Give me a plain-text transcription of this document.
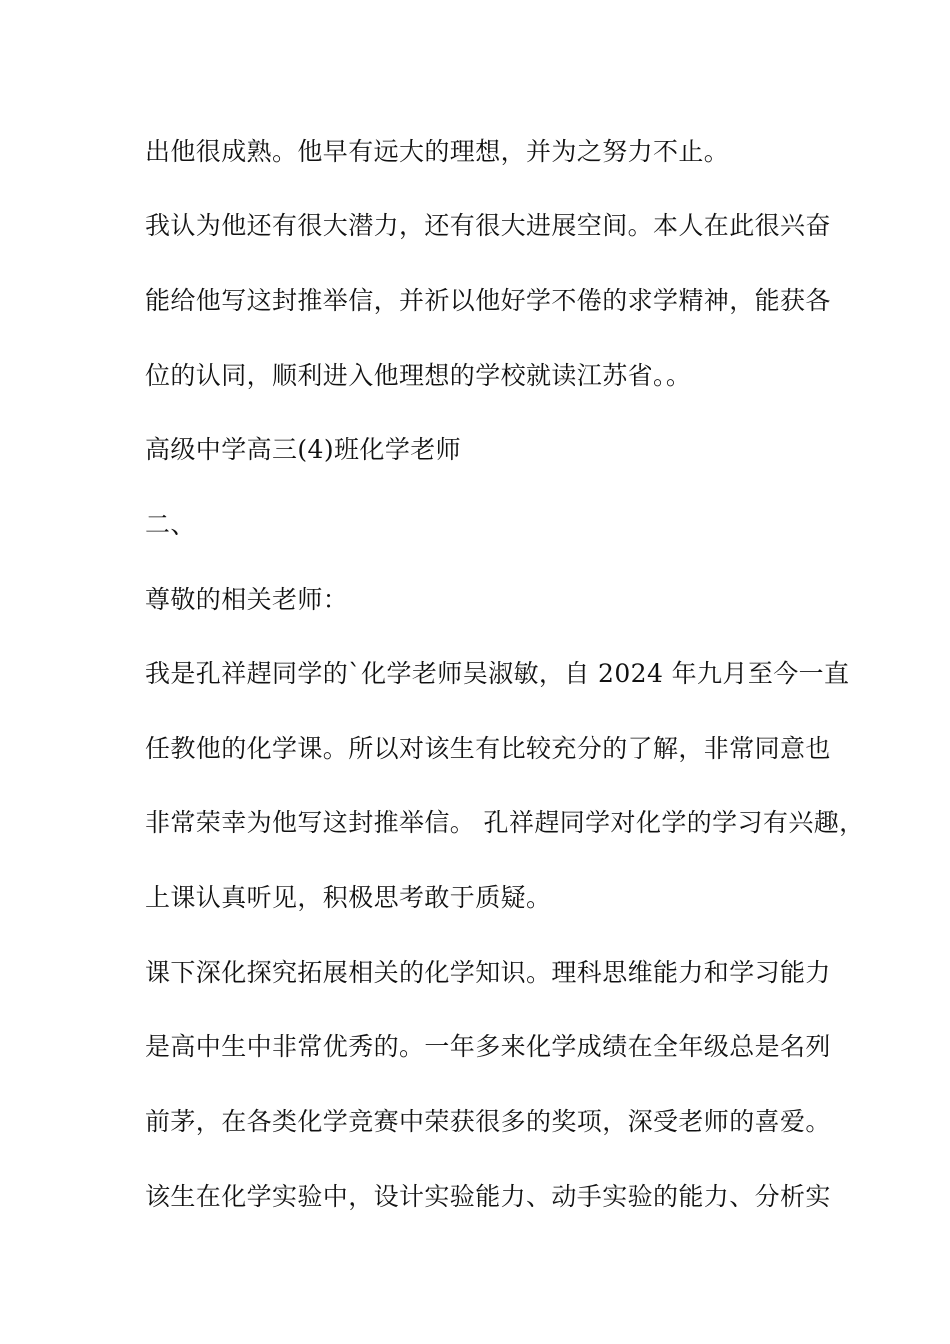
出他很成熟。他早有远大的理想，并为之努力不止。
我认为他还有很大潜力，还有很大进展空间。本人在此很兴奋
能给他写这封推举信，并祈以他好学不倦的求学精神，能获各
位的认同，顺利进入他理想的学校就读江苏省。。
高级中学高三(4)班化学老师
二、
尊敬的相关老师：
我是孔祥趕同学的`化学老师吴淑敏，自 2024 年九月至今一直
任教他的化学课。所以对该生有比较充分的了解，非常同意也
非常荣幸为他写这封推举信。 孔祥趕同学对化学的学习有兴趣，
上课认真听见，积极思考敢于质疑。
课下深化探究拓展相关的化学知识。理科思维能力和学习能力
是高中生中非常优秀的。一年多来化学成绩在全年级总是名列
前茅，在各类化学竞赛中荣获很多的奖项，深受老师的喜爱。
该生在化学实验中，设计实验能力、动手实验的能力、分析实
